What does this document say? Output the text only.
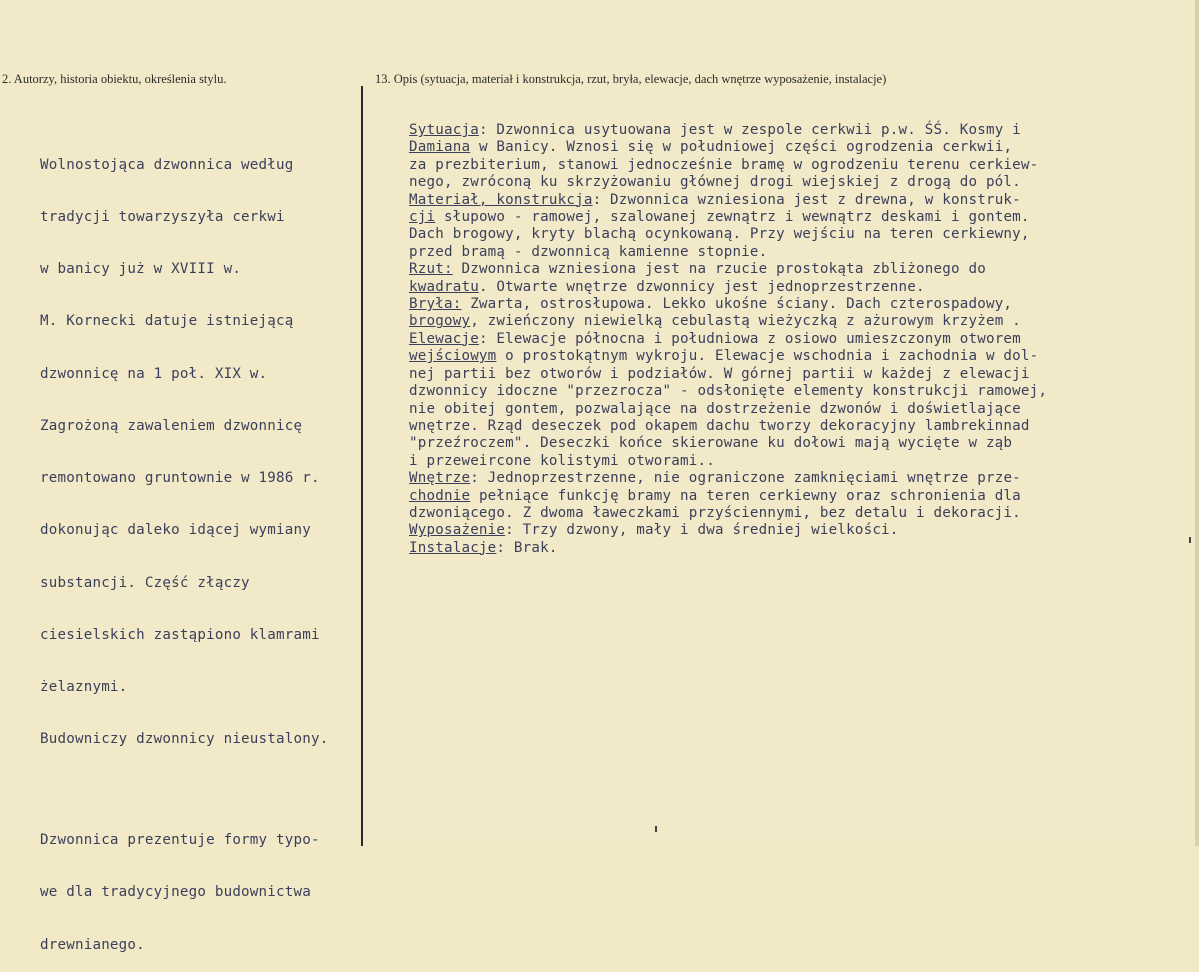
2. Autorzy, historia obiektu, określenia stylu.	13. Opis (sytuacja, materiał i konstrukcja, rzut, bryła, elewacje, dach wnętrze wyposażenie, instalacje)

Wolnostojąca dzwonnica według

tradycji towarzyszyła cerkwi

w banicy już w XVIII w.

M. Kornecki datuje istniejącą

dzwonnicę na 1 poł. XIX w.

Zagrożoną zawaleniem dzwonnicę

remontowano gruntownie w 1986 r.

dokonując daleko idącej wymiany

substancji. Część złączy

ciesielskich zastąpiono klamrami

żelaznymi.

Budowniczy dzwonnicy nieustalony.

Dzwonnica prezentuje formy typo-

we dla tradycyjnego budownictwa

drewnianego.

Sytuacja: Dzwonnica usytuowana jest w zespole cerkwii p.w. ŚŚ. Kosmy i
Damiana w Banicy. Wznosi się w południowej części ogrodzenia cerkwii,
za prezbiterium, stanowi jednocześnie bramę w ogrodzeniu terenu cerkiew-
nego, zwróconą ku skrzyżowaniu głównej drogi wiejskiej z drogą do pól.
Materiał, konstrukcja: Dzwonnica wzniesiona jest z drewna, w konstruk-
cji słupowo - ramowej, szalowanej zewnątrz i wewnątrz deskami i gontem.
Dach brogowy, kryty blachą ocynkowaną. Przy wejściu na teren cerkiewny,
przed bramą - dzwonnicą kamienne stopnie.
Rzut: Dzwonnica wzniesiona jest na rzucie prostokąta zbliżonego do
kwadratu. Otwarte wnętrze dzwonnicy jest jednoprzestrzenne.
Bryła: Zwarta, ostrosłupowa. Lekko ukośne ściany. Dach czterospadowy,
brogowy, zwieńczony niewielką cebulastą wieżyczką z ażurowym krzyżem .
Elewacje: Elewacje północna i południowa z osiowo umieszczonym otworem
wejściowym o prostokątnym wykroju. Elewacje wschodnia i zachodnia w dol-
nej partii bez otworów i podziałów. W górnej partii w każdej z elewacji
dzwonnicy idoczne "przezrocza" - odsłonięte elementy konstrukcji ramowej,
nie obitej gontem, pozwalające na dostrzeżenie dzwonów i doświetlające
wnętrze. Rząd deseczek pod okapem dachu tworzy dekoracyjny lambrekinnad
"przeźroczem". Deseczki końce skierowane ku dołowi mają wycięte w ząb
i przeweircone kolistymi otworami..
Wnętrze: Jednoprzestrzenne, nie ograniczone zamknięciami wnętrze prze-
chodnie pełniące funkcję bramy na teren cerkiewny oraz schronienia dla
dzwoniącego. Z dwoma ławeczkami przyściennymi, bez detalu i dekoracji.
Wyposażenie: Trzy dzwony, mały i dwa średniej wielkości.
Instalacje: Brak.
